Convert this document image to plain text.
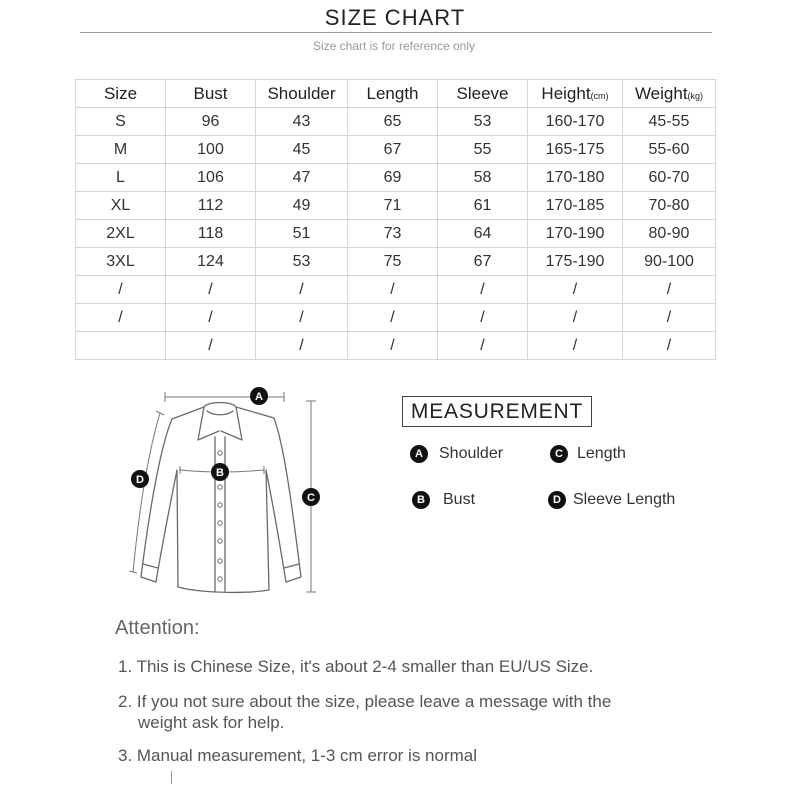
SIZE CHART
Size chart is for reference only
Size	Bust	Shoulder	Length	Sleeve	Height(cm)	Weight(kg)
S	96	43	65	53	160-170	45-55
M	100	45	67	55	165-175	55-60
L	106	47	69	58	170-180	60-70
XL	112	49	71	61	170-185	70-80
2XL	118	51	73	64	170-190	80-90
3XL	124	53	75	67	175-190	90-100
/	/	/	/	/	/	/
/	/	/	/	/	/	/
	/	/	/	/	/	/
A
B
C
D
MEASUREMENT
A	Shoulder	C Length
B	Bust	D Sleeve Length
Attention:
1. This is Chinese Size, it's about 2-4 smaller than EU/US Size.
2. If you not sure about the size, please leave a message with the
weight ask for help.
3. Manual measurement, 1-3 cm error is normal
